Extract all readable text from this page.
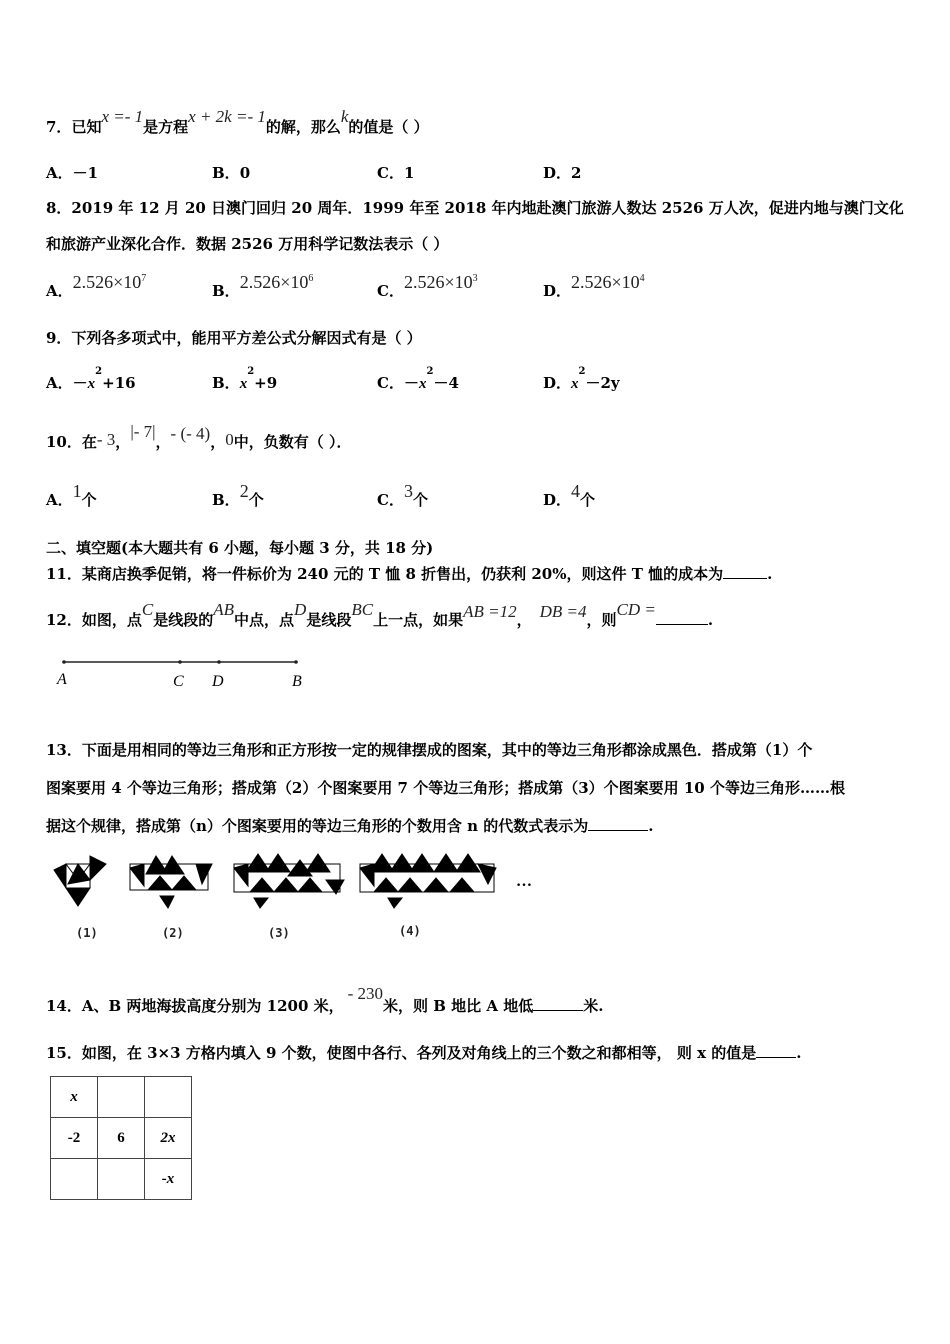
7．已知x =- 1是方程x + 2k =- 1的解，那么k的值是（ ）
A．－1	B．0	C．1	D．2
8．2019 年 12 月 20 日澳门回归 20 周年．1999 年至 2018 年内地赴澳门旅游人数达 2526 万人次，促进内地与澳门文化
和旅游产业深化合作．数据 2526 万用科学记数法表示（ ）
A．$2.526\times 10^7$
B．$2.526\times 10^6$
C．$2.526\times 10^3$
D．$2.526\times 10^4$
9．下列各多项式中，能用平方差公式分解因式有是（ ）
A．$-x^2+16$	B．$x^2+9$	C．$-x^2-4$	D．$x^2-2y$
10．在- 3，|- 7|，- (- 4)，0中，负数有（ ）．
A．1个	B．2个	C．3个	D．4个
二、填空题(本大题共有 6 小题，每小题 3 分，共 18 分)
11．某商店换季促销，将一件标价为 240 元的 T 恤 8 折售出，仍获利 20%，则这件 T 恤的成本为	.
12．如图，点C是线段的AB中点，点D是线段BC上一点，如果AB =12， DB =4，则CD =.
A	C D	B
13．下面是用相同的等边三角形和正方形按一定的规律摆成的图案，其中的等边三角形都涂成黑色．搭成第（1）个
图案要用 4 个等边三角形；搭成第（2）个图案要用 7 个等边三角形；搭成第（3）个图案要用 10 个等边三角形……根
据这个规律，搭成第（n）个图案要用的等边三角形的个数用含 n 的代数式表示为	.
…
(1)	(2)	(3)	(4)
14．A、B 两地海拔高度分别为 1200 米，- 230米，则 B 地比 A 地低	米.
15．如图，在 3×3 方格内填入 9 个数，使图中各行、各列及对角线上的三个数之和都相等， 则 x 的值是	.
x		
-2	6	2x
		-x
